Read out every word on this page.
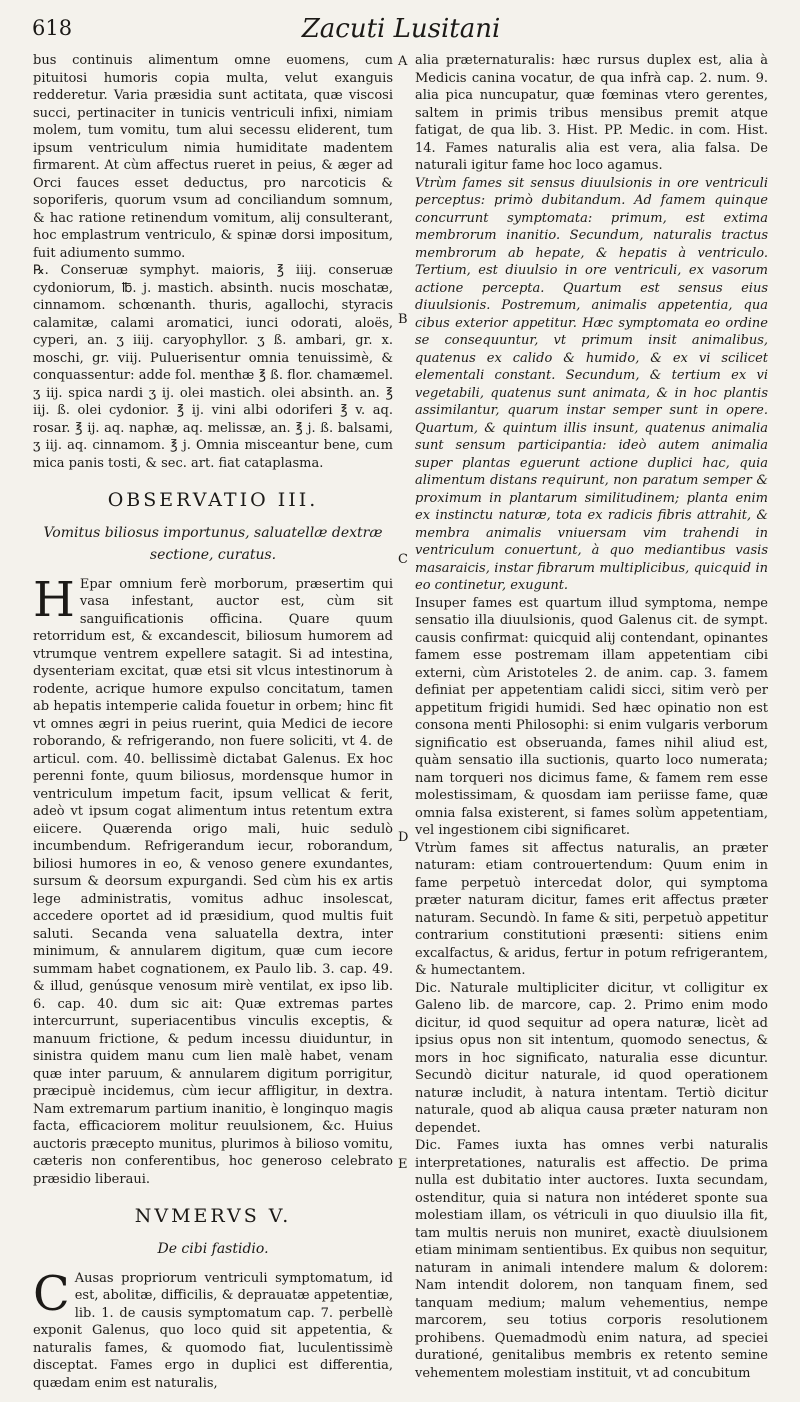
618	Zacuti Lusitani

bus continuis alimentum omne euomens, cum pituitosi humoris copia multa, velut exanguis redderetur. Varia præsidia sunt actitata, quæ viscosi succi, pertinaciter in tunicis ventriculi infixi, nimiam molem, tum vomitu, tum alui secessu eliderent, tum ipsum ventriculum nimia humiditate madentem firmarent. At cùm affectus rueret in peius, & æger ad Orci fauces esset deductus, pro narcoticis & soporiferis, quorum vsum ad conciliandum somnum, & hac ratione retinendum vomitum, alij consulterant, hoc emplastrum ventriculo, & spinæ dorsi impositum, fuit adiumento summo.

℞. Conseruæ symphyt. maioris, ℥ iiij. conseruæ cydoniorum, ℔. j. mastich. absinth. nucis moschatæ, cinnamom. schœnanth. thuris, agallochi, styracis calamitæ, calami aromatici, iunci odorati, aloës, cyperi, an. ʒ iiij. caryophyllor. ʒ ß. ambari, gr. x. moschi, gr. viij. Puluerisentur omnia tenuissimè, & conquassentur: adde fol. menthæ ℥ ß. flor. chamæmel. ʒ iij. spica nardi ʒ ij. olei mastich. olei absinth. an. ℥ iij. ß. olei cydonior. ℥ ij. vini albi odoriferi ℥ v. aq. rosar. ℥ ij. aq. naphæ, aq. melissæ, an. ℥ j. ß. balsami, ʒ iij. aq. cinnamom. ℥ j. Omnia misceantur bene, cum mica panis tosti, & sec. art. fiat cataplasma.

OBSERVATIO III.
Vomitus biliosus importunus, saluatellæ dextræ sectione, curatus.

H Epar omnium ferè morborum, præsertim qui vasa infestant, auctor est, cùm sit sanguificationis officina. Quare quum retorridum est, & excandescit, biliosum humorem ad vtrumque ventrem expellere satagit. Si ad intestina, dysenteriam excitat, quæ etsi sit vlcus intestinorum à rodente, acrique humore expulso concitatum, tamen ab hepatis intemperie calida fouetur in orbem; hinc fit vt omnes ægri in peius ruerint, quia Medici de iecore roborando, & refrigerando, non fuere soliciti, vt 4. de articul. com. 40. bellissimè dictabat Galenus. Ex hoc perenni fonte, quum biliosus, mordensque humor in ventriculum impetum facit, ipsum vellicat & ferit, adeò vt ipsum cogat alimentum intus retentum extra eiicere. Quærenda origo mali, huic sedulò incumbendum. Refrigerandum iecur, roborandum, biliosi humores in eo, & venoso genere exundantes, sursum & deorsum expurgandi. Sed cùm his ex artis lege administratis, vomitus adhuc insolescat, accedere oportet ad id præsidium, quod multis fuit saluti. Secanda vena saluatella dextra, inter minimum, & annularem digitum, quæ cum iecore summam habet cognationem, ex Paulo lib. 3. cap. 49. & illud, genúsque venosum mirè ventilat, ex ipso lib. 6. cap. 40. dum sic ait: Quæ extremas partes intercurrunt, superiacentibus vinculis exceptis, & manuum frictione, & pedum incessu diuiduntur, in sinistra quidem manu cum lien malè habet, venam quæ inter paruum, & annularem digitum porrigitur, præcipuè incidemus, cùm iecur affligitur, in dextra. Nam extremarum partium inanitio, è longinquo magis facta, efficaciorem molitur reuulsionem, &c. Huius auctoris præcepto munitus, plurimos à bilioso vomitu, cæteris non conferentibus, hoc generoso celebrato præsidio liberaui.

NVMERVS V.
De cibi fastidio.

C Ausas propriorum ventriculi symptomatum, id est, abolitæ, difficilis, & deprauatæ appetentiæ, lib. 1. de causis symptomatum cap. 7. perbellè exponit Galenus, quo loco quid sit appetentia, & naturalis fames, & quomodo fiat, luculentissimè disceptat. Fames ergo in duplici est differentia, quædam enim est naturalis,

A
B
C
D
E

alia præternaturalis: hæc rursus duplex est, alia à Medicis canina vocatur, de qua infrà cap. 2. num. 9. alia pica nuncupatur, quæ fœminas vtero gerentes, saltem in primis tribus mensibus premit atque fatigat, de qua lib. 3. Hist. PP. Medic. in com. Hist. 14. Fames naturalis alia est vera, alia falsa. De naturali igitur fame hoc loco agamus.

Vtrùm fames sit sensus diuulsionis in ore ventriculi perceptus: primò dubitandum. Ad famem quinque concurrunt symptomata: primum, est extima membrorum inanitio. Secundum, naturalis tractus membrorum ab hepate, & hepatis à ventriculo. Tertium, est diuulsio in ore ventriculi, ex vasorum actione percepta. Quartum est sensus eius diuulsionis. Postremum, animalis appetentia, qua cibus exterior appetitur. Hæc symptomata eo ordine se consequuntur, vt primum insit animalibus, quatenus ex calido & humido, & ex vi scilicet elementali constant. Secundum, & tertium ex vi vegetabili, quatenus sunt animata, & in hoc plantis assimilantur, quarum instar semper sunt in opere. Quartum, & quintum illis insunt, quatenus animalia sunt sensum participantia: ideò autem animalia super plantas eguerunt actione duplici hac, quia alimentum distans requirunt, non paratum semper & proximum in plantarum similitudinem; planta enim ex instinctu naturæ, tota ex radicis fibris attrahit, & membra animalis vniuersam vim trahendi in ventriculum conuertunt, à quo mediantibus vasis masaraicis, instar fibrarum multiplicibus, quicquid in eo continetur, exugunt.

Insuper fames est quartum illud symptoma, nempe sensatio illa diuulsionis, quod Galenus cit. de sympt. causis confirmat: quicquid alij contendant, opinantes famem esse postremam illam appetentiam cibi externi, cùm Aristoteles 2. de anim. cap. 3. famem definiat per appetentiam calidi sicci, sitim verò per appetitum frigidi humidi. Sed hæc opinatio non est consona menti Philosophi: si enim vulgaris verborum significatio est obseruanda, fames nihil aliud est, quàm sensatio illa suctionis, quarto loco numerata; nam torqueri nos dicimus fame, & famem rem esse molestissimam, & quosdam iam periisse fame, quæ omnia falsa existerent, si fames solùm appetentiam, vel ingestionem cibi significaret.

Vtrùm fames sit affectus naturalis, an præter naturam: etiam controuertendum: Quum enim in fame perpetuò intercedat dolor, qui symptoma præter naturam dicitur, fames erit affectus præter naturam. Secundò. In fame & siti, perpetuò appetitur contrarium constitutioni præsenti: sitiens enim excalfactus, & aridus, fertur in potum refrigerantem, & humectantem.

Dic. Naturale multipliciter dicitur, vt colligitur ex Galeno lib. de marcore, cap. 2. Primo enim modo dicitur, id quod sequitur ad opera naturæ, licèt ad ipsius opus non sit intentum, quomodo senectus, & mors in hoc significato, naturalia esse dicuntur. Secundò dicitur naturale, id quod operationem naturæ includit, à natura intentam. Tertiò dicitur naturale, quod ab aliqua causa præter naturam non dependet.

Dic. Fames iuxta has omnes verbi naturalis interpretationes, naturalis est affectio. De prima nulla est dubitatio inter auctores. Iuxta secundam, ostenditur, quia si natura non intéderet sponte sua molestiam illam, os vétriculi in quo diuulsio illa fit, tam multis neruis non muniret, exactè diuulsionem etiam minimam sentientibus. Ex quibus non sequitur, naturam in animali intendere malum & dolorem: Nam intendit dolorem, non tanquam finem, sed tanquam medium; malum vehementius, nempe marcorem, seu totius corporis resolutionem prohibens. Quemadmodù enim natura, ad speciei durationé, genitalibus membris ex retento semine vehementem molestiam instituit, vt ad concubitum
